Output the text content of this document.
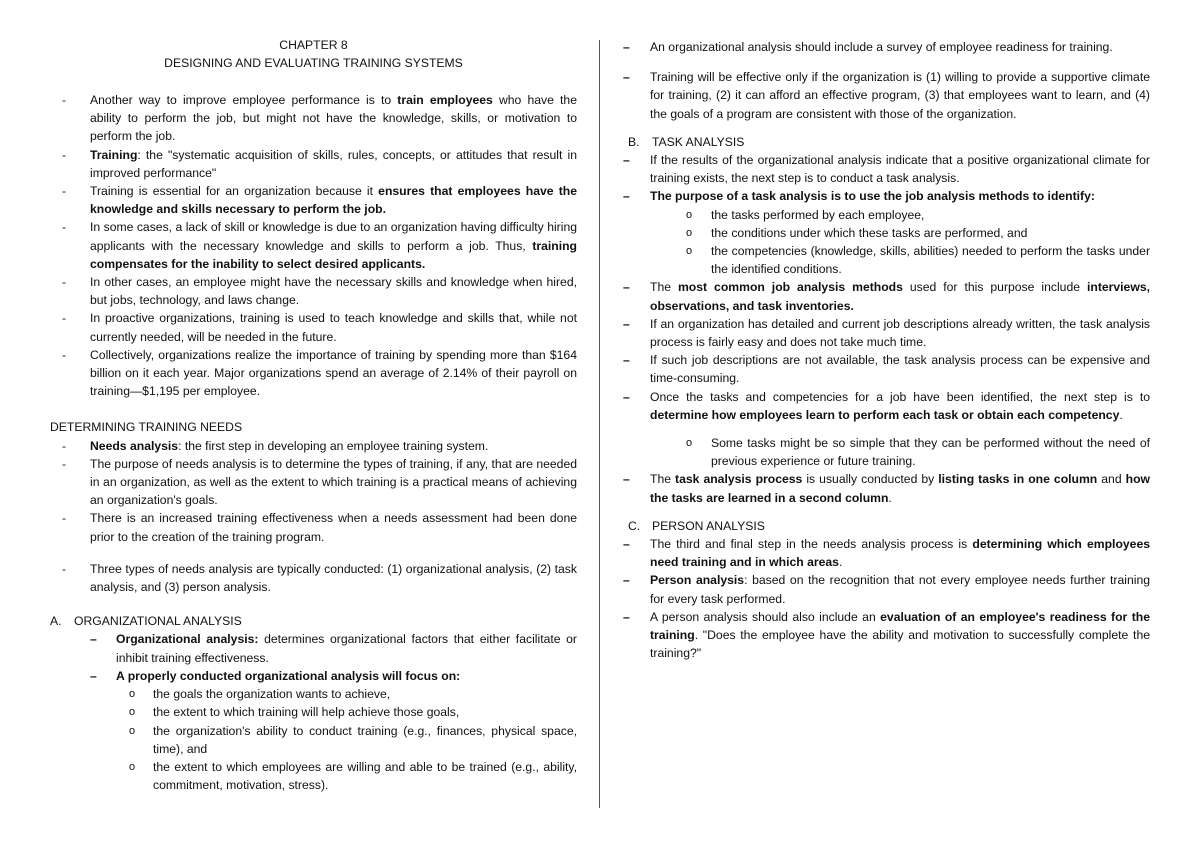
CHAPTER 8
DESIGNING AND EVALUATING TRAINING SYSTEMS
- Another way to improve employee performance is to train employees who have the ability to perform the job, but might not have the knowledge, skills, or motivation to perform the job.
- Training: the "systematic acquisition of skills, rules, concepts, or attitudes that result in improved performance"
- Training is essential for an organization because it ensures that employees have the knowledge and skills necessary to perform the job.
- In some cases, a lack of skill or knowledge is due to an organization having difficulty hiring applicants with the necessary knowledge and skills to perform a job. Thus, training compensates for the inability to select desired applicants.
- In other cases, an employee might have the necessary skills and knowledge when hired, but jobs, technology, and laws change.
- In proactive organizations, training is used to teach knowledge and skills that, while not currently needed, will be needed in the future.
- Collectively, organizations realize the importance of training by spending more than $164 billion on it each year. Major organizations spend an average of 2.14% of their payroll on training—$1,195 per employee.
DETERMINING TRAINING NEEDS
- Needs analysis: the first step in developing an employee training system.
- The purpose of needs analysis is to determine the types of training, if any, that are needed in an organization, as well as the extent to which training is a practical means of achieving an organization's goals.
- There is an increased training effectiveness when a needs assessment had been done prior to the creation of the training program.
- Three types of needs analysis are typically conducted: (1) organizational analysis, (2) task analysis, and (3) person analysis.
A.	ORGANIZATIONAL ANALYSIS
– Organizational analysis: determines organizational factors that either facilitate or inhibit training effectiveness.
– A properly conducted organizational analysis will focus on:
o the goals the organization wants to achieve,
o the extent to which training will help achieve those goals,
o the organization's ability to conduct training (e.g., finances, physical space, time), and
o the extent to which employees are willing and able to be trained (e.g., ability, commitment, motivation, stress).
– An organizational analysis should include a survey of employee readiness for training.
– Training will be effective only if the organization is (1) willing to provide a supportive climate for training, (2) it can afford an effective program, (3) that employees want to learn, and (4) the goals of a program are consistent with those of the organization.
B.	TASK ANALYSIS
– If the results of the organizational analysis indicate that a positive organizational climate for training exists, the next step is to conduct a task analysis.
– The purpose of a task analysis is to use the job analysis methods to identify:
o the tasks performed by each employee,
o the conditions under which these tasks are performed, and
o the competencies (knowledge, skills, abilities) needed to perform the tasks under the identified conditions.
– The most common job analysis methods used for this purpose include interviews, observations, and task inventories.
– If an organization has detailed and current job descriptions already written, the task analysis process is fairly easy and does not take much time.
– If such job descriptions are not available, the task analysis process can be expensive and time-consuming.
– Once the tasks and competencies for a job have been identified, the next step is to determine how employees learn to perform each task or obtain each competency.
o Some tasks might be so simple that they can be performed without the need of previous experience or future training.
– The task analysis process is usually conducted by listing tasks in one column and how the tasks are learned in a second column.
C. PERSON ANALYSIS
– The third and final step in the needs analysis process is determining which employees need training and in which areas.
– Person analysis: based on the recognition that not every employee needs further training for every task performed.
– A person analysis should also include an evaluation of an employee's readiness for the training. "Does the employee have the ability and motivation to successfully complete the training?"
